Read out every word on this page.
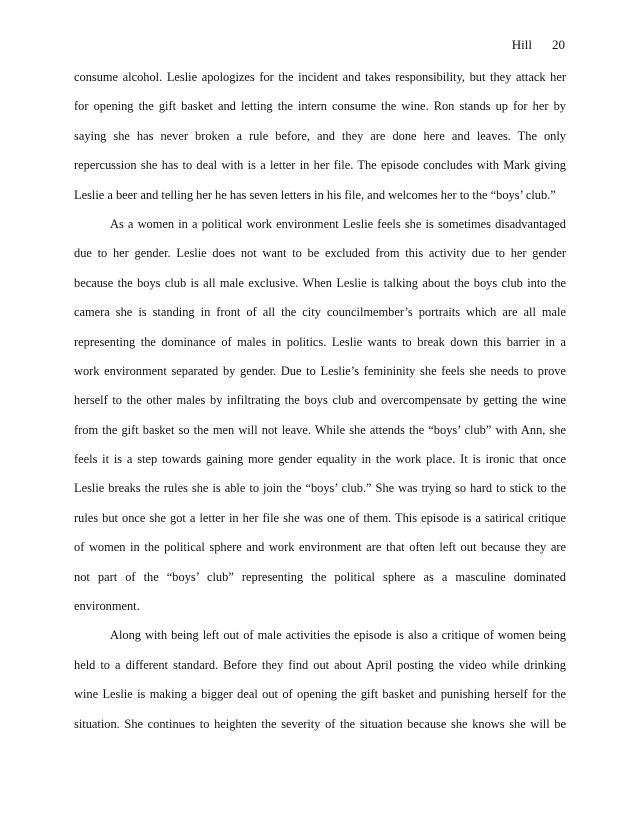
Hill 20
consume alcohol. Leslie apologizes for the incident and takes responsibility, but they attack her
for opening the gift basket and letting the intern consume the wine. Ron stands up for her by
saying she has never broken a rule before, and they are done here and leaves. The only
repercussion she has to deal with is a letter in her file. The episode concludes with Mark giving
Leslie a beer and telling her he has seven letters in his file, and welcomes her to the “boys’ club.”
As a women in a political work environment Leslie feels she is sometimes disadvantaged
due to her gender. Leslie does not want to be excluded from this activity due to her gender
because the boys club is all male exclusive. When Leslie is talking about the boys club into the
camera she is standing in front of all the city councilmember’s portraits which are all male
representing the dominance of males in politics. Leslie wants to break down this barrier in a
work environment separated by gender. Due to Leslie’s femininity she feels she needs to prove
herself to the other males by infiltrating the boys club and overcompensate by getting the wine
from the gift basket so the men will not leave. While she attends the “boys’ club” with Ann, she
feels it is a step towards gaining more gender equality in the work place. It is ironic that once
Leslie breaks the rules she is able to join the “boys’ club.” She was trying so hard to stick to the
rules but once she got a letter in her file she was one of them. This episode is a satirical critique
of women in the political sphere and work environment are that often left out because they are
not part of the “boys’ club” representing the political sphere as a masculine dominated
environment.
Along with being left out of male activities the episode is also a critique of women being
held to a different standard. Before they find out about April posting the video while drinking
wine Leslie is making a bigger deal out of opening the gift basket and punishing herself for the
situation. She continues to heighten the severity of the situation because she knows she will be
